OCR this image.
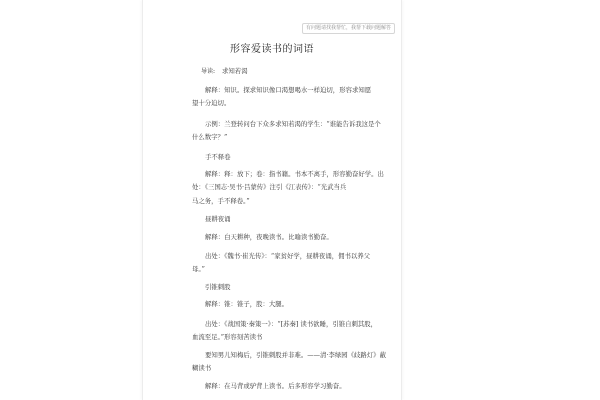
有问题请找我帮忙，我帮下载问题解答
形容爱读书的词语
导读: 求知若渴
解释：知识。探求知识像口渴想喝水一样迫切，形容求知愿
望十分迫切。
示例：兰登转问台下众多求知若渴的学生：“谁能告诉我这是个
什么数字？”
手不释卷
解释：释：放下；卷：指书籍。书本不离手，形容勤奋好学。出
处：《三国志·吴书·吕蒙传》注引《江表传》：“光武当兵
马之务，手不释卷。”
昼耕夜诵
解释：白天耕种，夜晚读书。比喻读书勤奋。
出处：《魏书·崔光传》：“家贫好学，昼耕夜诵，佣书以养父
母。”
引锥刺股
解释：锥：锥子，股：大腿。
出处：《战国策·秦策一》：“[苏秦] 读书欲睡，引锥自刺其股，
血流至足。”形容刻苦读书
要知男儿知梅后，引锥刺股并非难。——清·李绿园《歧路灯》蔽
糊读书
解释：在马背或驴背上读书。后多形容学习勤奋。
